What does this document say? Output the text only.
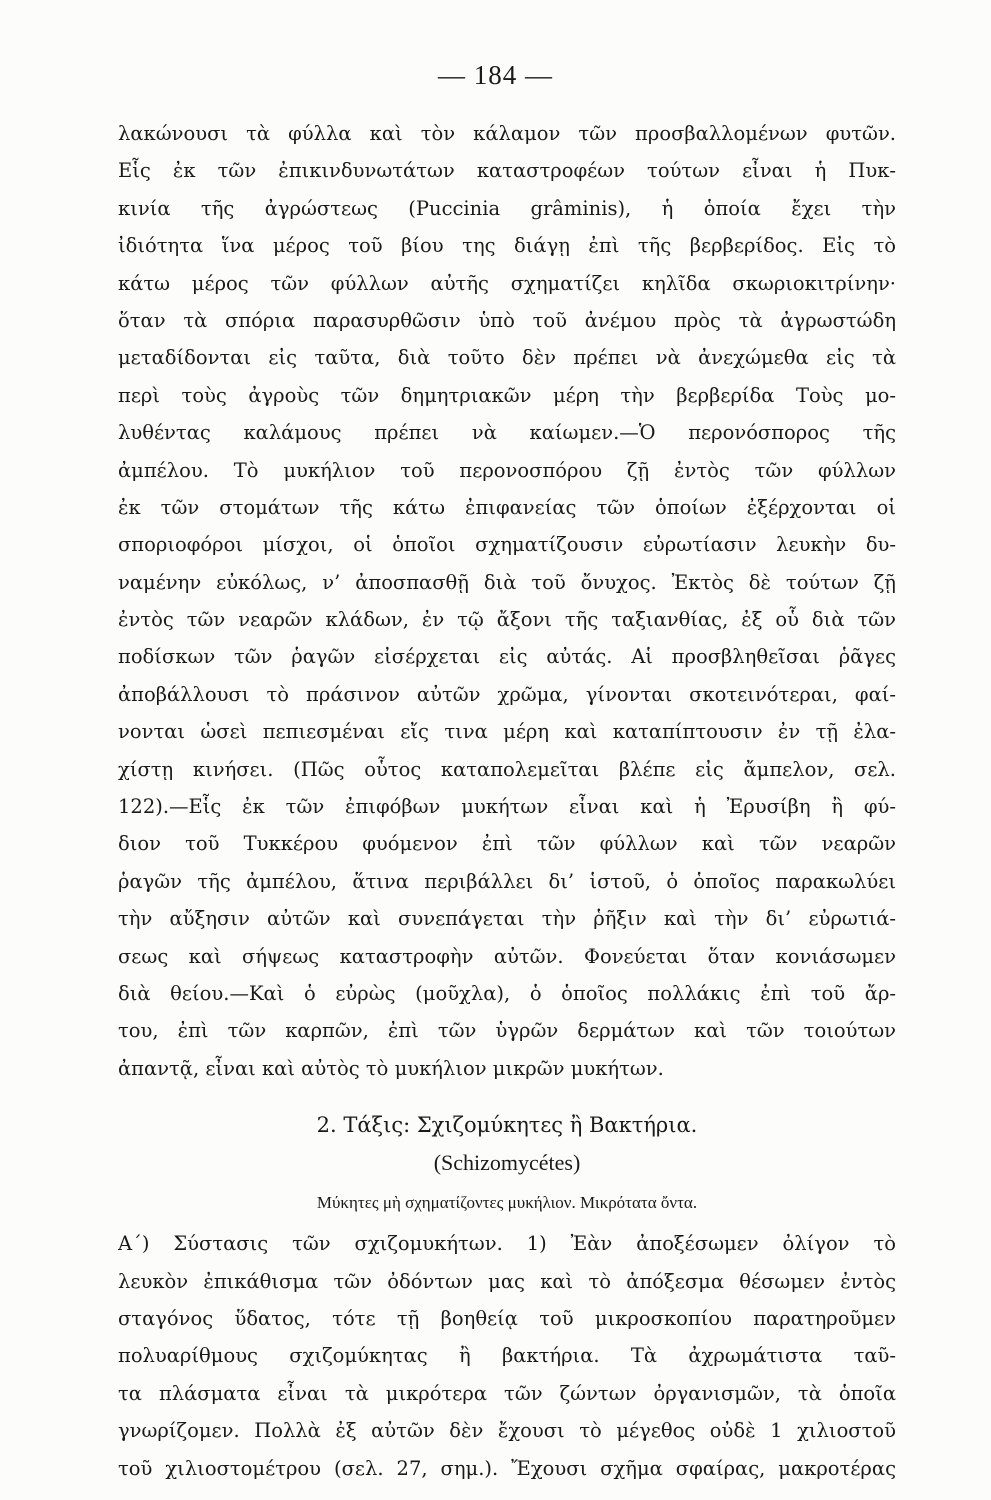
— 184 —
λακώνουσι τὰ φύλλα καὶ τὸν κάλαμον τῶν προσβαλλομένων φυτῶν.
Εἷς ἐκ τῶν ἐπικινδυνωτάτων καταστροφέων τούτων εἶναι ἡ Πυκ-
κινία τῆς ἀγρώστεως (Puccinia grâminis), ἡ ὁποία ἔχει τὴν
ἰδιότητα ἵνα μέρος τοῦ βίου της διάγῃ ἐπὶ τῆς βερβερίδος. Εἰς τὸ
κάτω μέρος τῶν φύλλων αὐτῆς σχηματίζει κηλῖδα σκωριοκιτρίνην·
ὅταν τὰ σπόρια παρασυρθῶσιν ὑπὸ τοῦ ἀνέμου πρὸς τὰ ἀγρωστώδη
μεταδίδονται εἰς ταῦτα, διὰ τοῦτο δὲν πρέπει νὰ ἀνεχώμεθα εἰς τὰ
περὶ τοὺς ἀγροὺς τῶν δημητριακῶν μέρη τὴν βερβερίδα Τοὺς μο-
λυθέντας καλάμους πρέπει νὰ καίωμεν.—Ὁ περονόσπορος τῆς
ἀμπέλου. Τὸ μυκήλιον τοῦ περονοσπόρου ζῇ ἐντὸς τῶν φύλλων
ἐκ τῶν στομάτων τῆς κάτω ἐπιφανείας τῶν ὁποίων ἐξέρχονται οἱ
σποριοφόροι μίσχοι, οἱ ὁποῖοι σχηματίζουσιν εὐρωτίασιν λευκὴν δυ-
ναμένην εὐκόλως, ν’ ἀποσπασθῇ διὰ τοῦ ὄνυχος. Ἐκτὸς δὲ τούτων ζῇ
ἐντὸς τῶν νεαρῶν κλάδων, ἐν τῷ ἄξονι τῆς ταξιανθίας, ἐξ οὗ διὰ τῶν
ποδίσκων τῶν ῥαγῶν εἰσέρχεται εἰς αὐτάς. Αἱ προσβληθεῖσαι ῥᾶγες
ἀποβάλλουσι τὸ πράσινον αὐτῶν χρῶμα, γίνονται σκοτεινότεραι, φαί-
νονται ὡσεὶ πεπιεσμέναι εἴς τινα μέρη καὶ καταπίπτουσιν ἐν τῇ ἐλα-
χίστῃ κινήσει. (Πῶς οὗτος καταπολεμεῖται βλέπε εἰς ἄμπελον, σελ.
122).—Εἷς ἐκ τῶν ἐπιφόβων μυκήτων εἶναι καὶ ἡ Ἐρυσίβη ἢ φύ-
διον τοῦ Τυκκέρου φυόμενον ἐπὶ τῶν φύλλων καὶ τῶν νεαρῶν
ῥαγῶν τῆς ἀμπέλου, ἅτινα περιβάλλει δι’ ἱστοῦ, ὁ ὁποῖος παρακωλύει
τὴν αὔξησιν αὐτῶν καὶ συνεπάγεται τὴν ῥῆξιν καὶ τὴν δι’ εὐρωτιά-
σεως καὶ σήψεως καταστροφὴν αὐτῶν. Φονεύεται ὅταν κονιάσωμεν
διὰ θείου.—Καὶ ὁ εὐρὼς (μοῦχλα), ὁ ὁποῖος πολλάκις ἐπὶ τοῦ ἄρ-
του, ἐπὶ τῶν καρπῶν, ἐπὶ τῶν ὑγρῶν δερμάτων καὶ τῶν τοιούτων
ἀπαντᾷ, εἶναι καὶ αὐτὸς τὸ μυκήλιον μικρῶν μυκήτων.
2. Τάξις: Σχιζομύκητες ἢ Βακτήρια.
(Schizomycétes)
Μύκητες μὴ σχηματίζοντες μυκήλιον. Μικρότατα ὄντα.
Α΄) Σύστασις τῶν σχιζομυκήτων. 1) Ἐὰν ἀποξέσωμεν ὀλίγον τὸ
λευκὸν ἐπικάθισμα τῶν ὀδόντων μας καὶ τὸ ἀπόξεσμα θέσωμεν ἐντὸς
σταγόνος ὕδατος, τότε τῇ βοηθείᾳ τοῦ μικροσκοπίου παρατηροῦμεν
πολυαρίθμους σχιζομύκητας ἢ βακτήρια. Τὰ ἀχρωμάτιστα ταῦ-
τα πλάσματα εἶναι τὰ μικρότερα τῶν ζώντων ὀργανισμῶν, τὰ ὁποῖα
γνωρίζομεν. Πολλὰ ἐξ αὐτῶν δὲν ἔχουσι τὸ μέγεθος οὐδὲ 1 χιλιοστοῦ
τοῦ χιλιοστομέτρου (σελ. 27, σημ.). Ἔχουσι σχῆμα σφαίρας, μακροτέρας
